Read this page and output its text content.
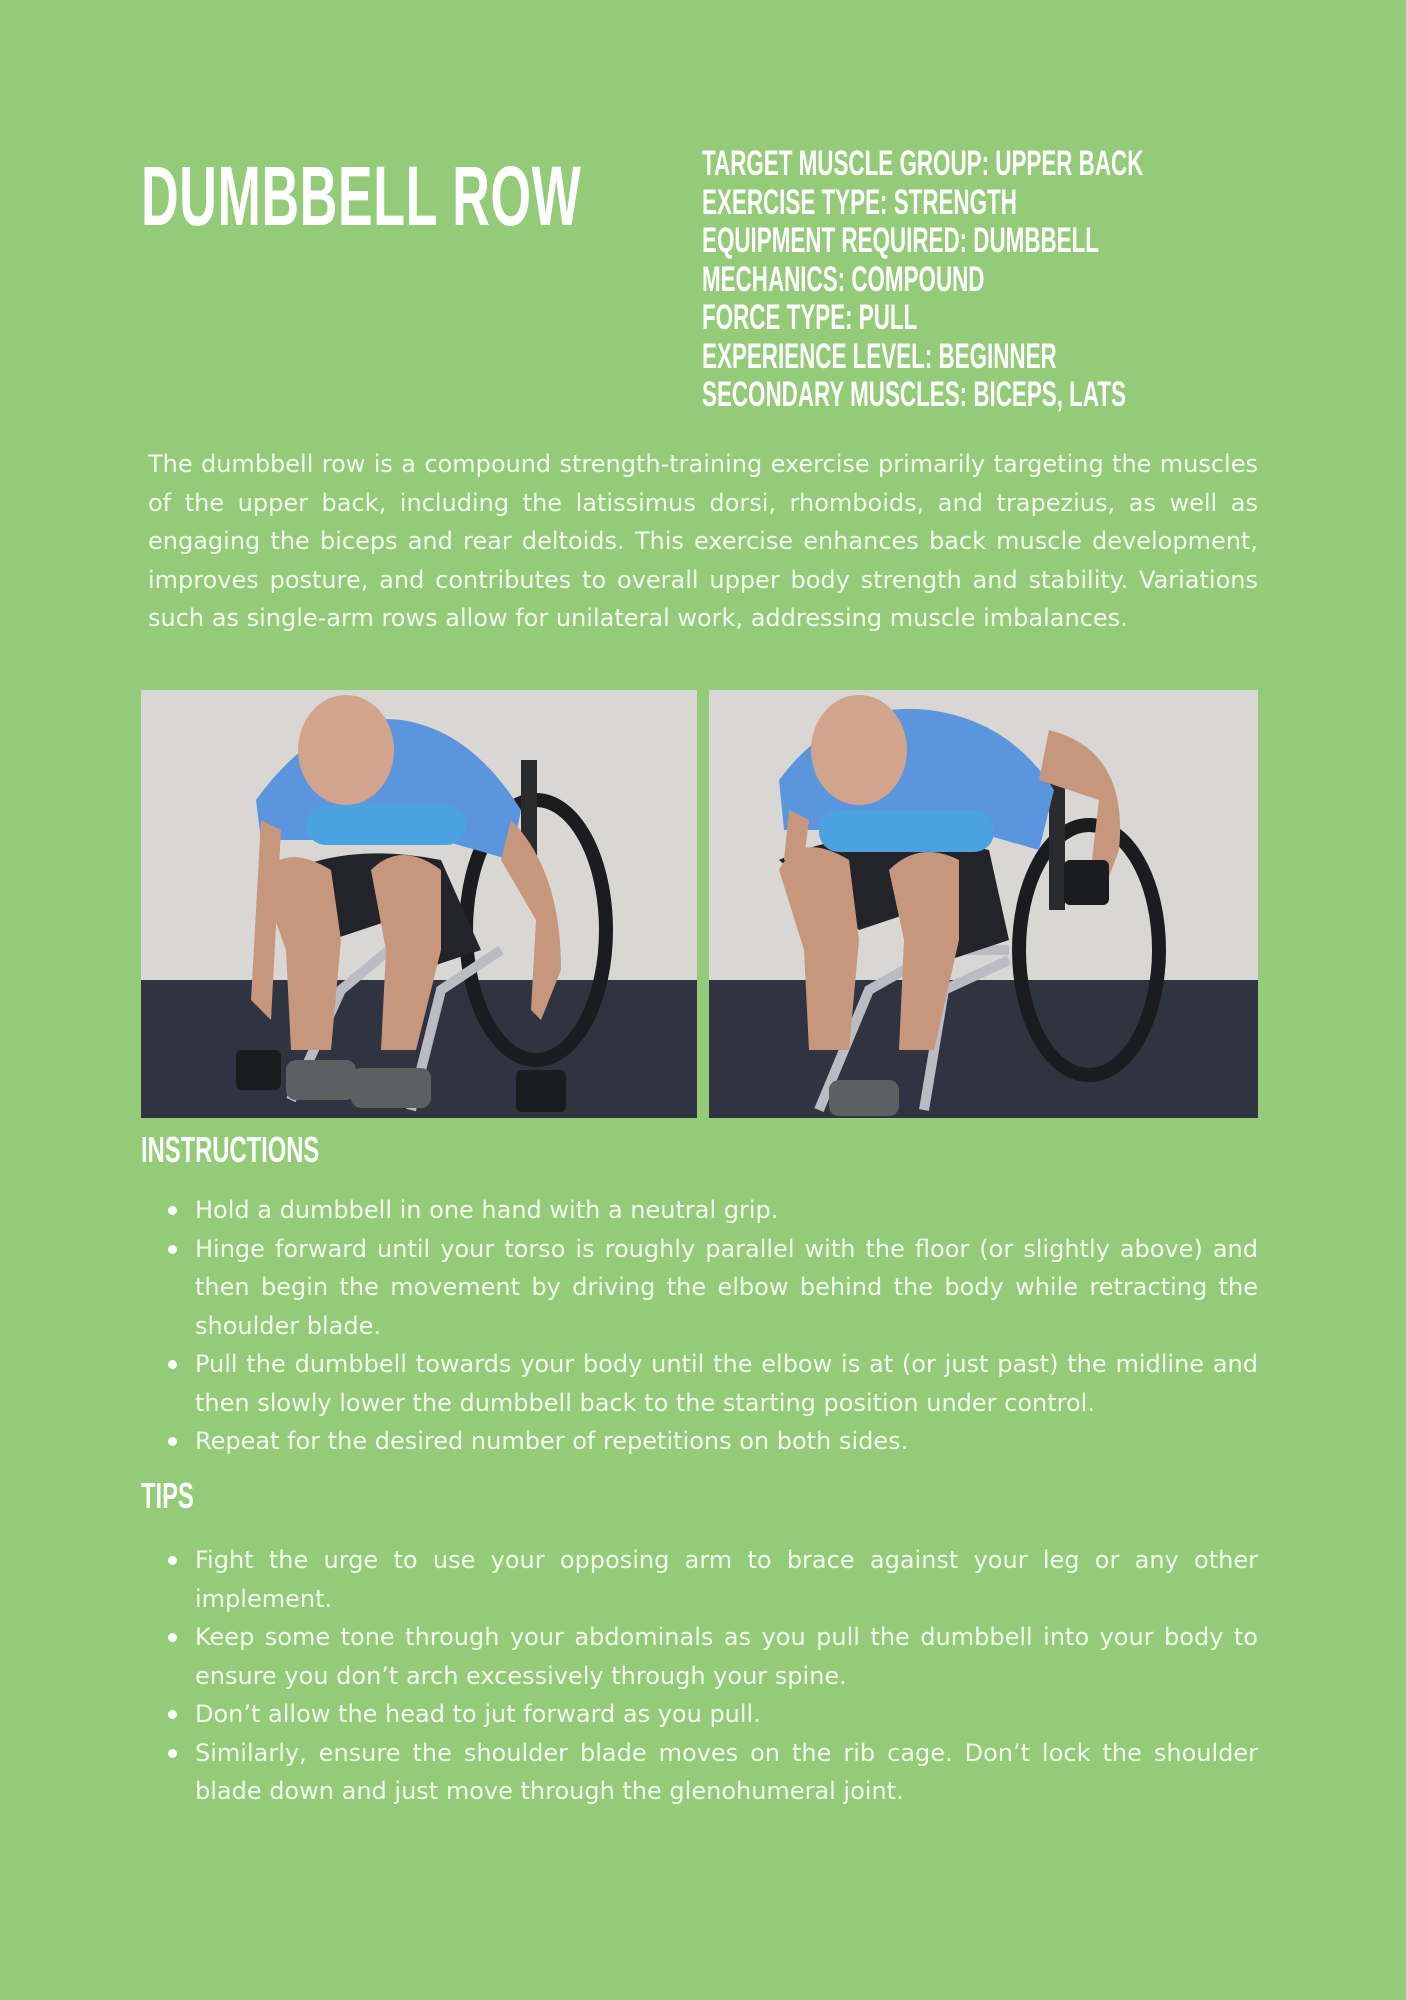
DUMBBELL ROW	TARGET MUSCLE GROUP: UPPER BACK
EXERCISE TYPE: STRENGTH
EQUIPMENT REQUIRED: DUMBBELL
MECHANICS: COMPOUND
FORCE TYPE: PULL
EXPERIENCE LEVEL: BEGINNER
SECONDARY MUSCLES: BICEPS, LATS

The dumbbell row is a compound strength-training exercise primarily targeting the muscles of the upper back, including the latissimus dorsi, rhomboids, and trapezius, as well as engaging the biceps and rear deltoids. This exercise enhances back muscle development, improves posture, and contributes to overall upper body strength and stability. Variations such as single-arm rows allow for unilateral work, addressing muscle imbalances.

INSTRUCTIONS
Hold a dumbbell in one hand with a neutral grip.
Hinge forward until your torso is roughly parallel with the floor (or slightly above) and then begin the movement by driving the elbow behind the body while retracting the shoulder blade.
Pull the dumbbell towards your body until the elbow is at (or just past) the midline and then slowly lower the dumbbell back to the starting position under control.
Repeat for the desired number of repetitions on both sides.
TIPS
Fight the urge to use your opposing arm to brace against your leg or any other implement.
Keep some tone through your abdominals as you pull the dumbbell into your body to ensure you don’t arch excessively through your spine.
Don’t allow the head to jut forward as you pull.
Similarly, ensure the shoulder blade moves on the rib cage. Don’t lock the shoulder blade down and just move through the glenohumeral joint.
